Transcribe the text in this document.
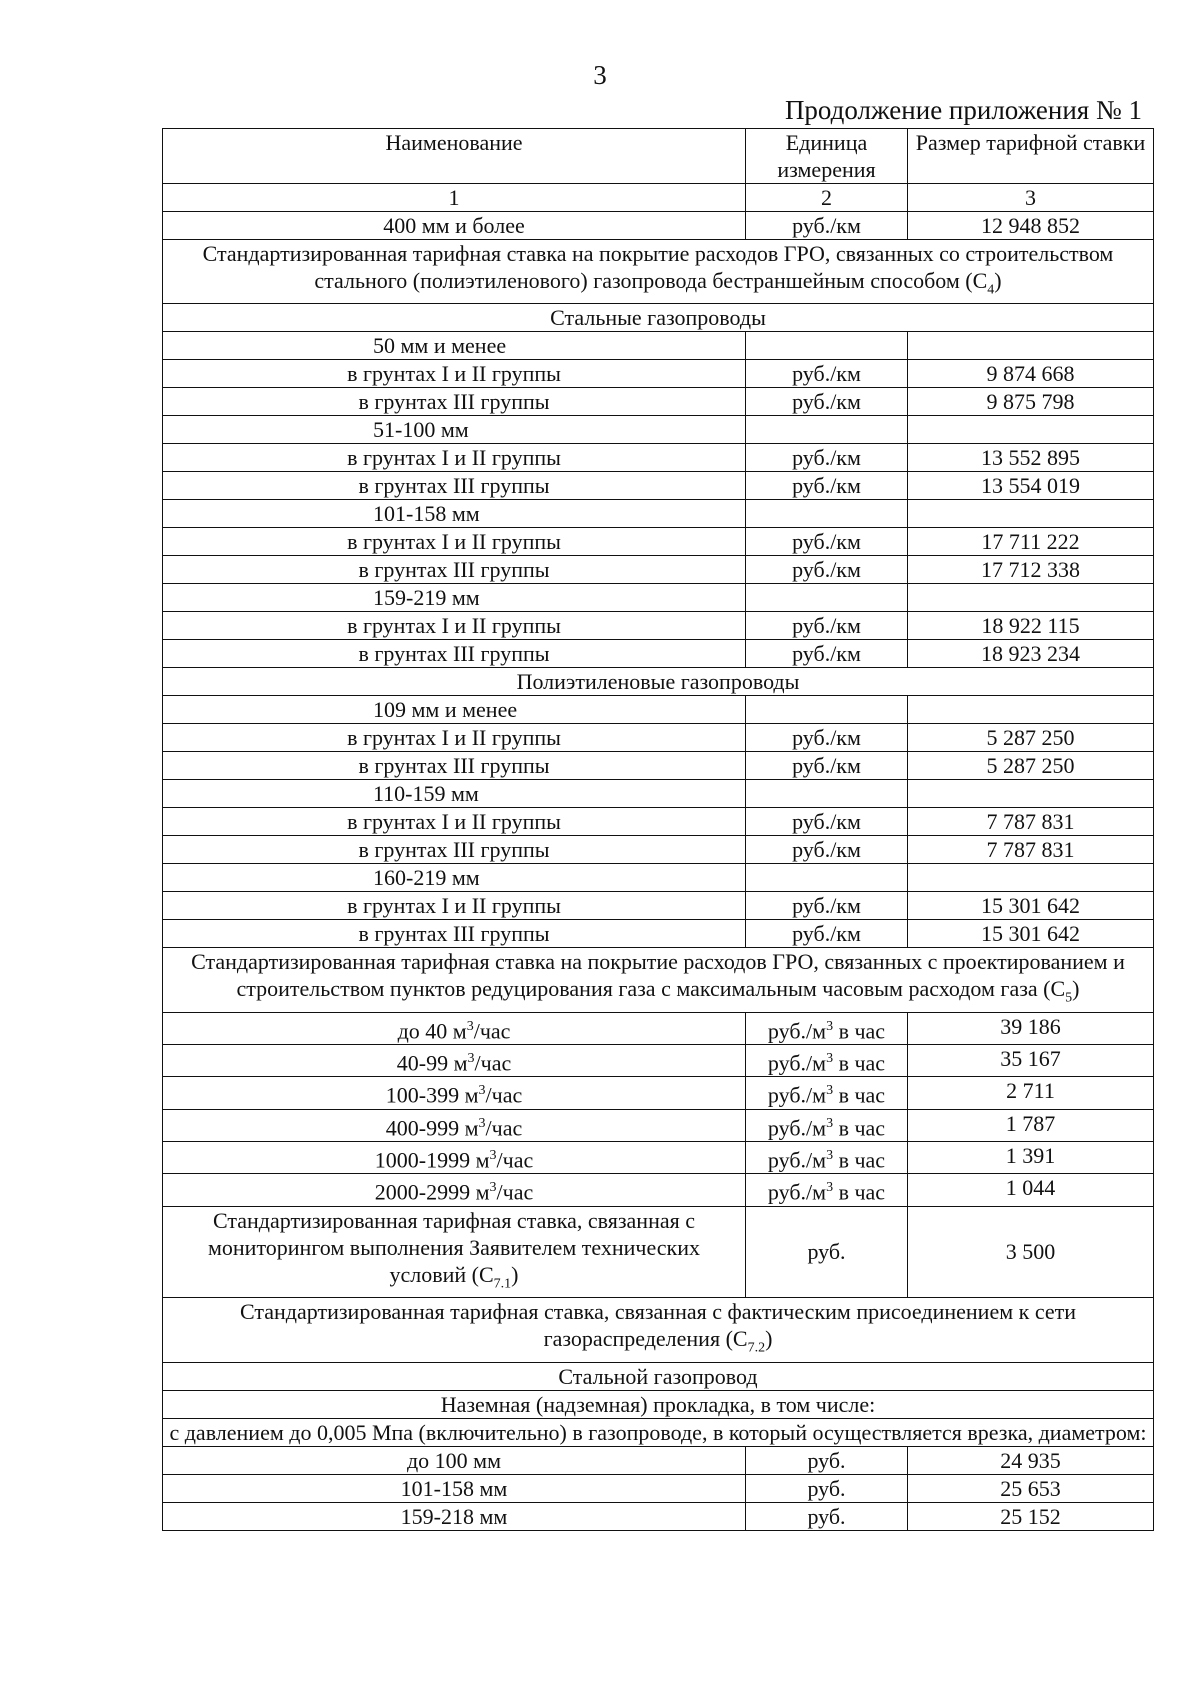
3
Продолжение приложения № 1
Наименование	Единица измерения	Размер тарифной ставки
1	2	3
400 мм и более	руб./км	12 948 852
Стандартизированная тарифная ставка на покрытие расходов ГРО, связанных со строительством стального (полиэтиленового) газопровода бестраншейным способом $(C_4)$		
Стальные газопроводы		
50 мм и менее		
в грунтах I и II группы	руб./км	9 874 668
в грунтах III группы	руб./км	9 875 798
51-100 мм		
в грунтах I и II группы	руб./км	13 552 895
в грунтах III группы	руб./км	13 554 019
101-158 мм		
в грунтах I и II группы	руб./км	17 711 222
в грунтах III группы	руб./км	17 712 338
159-219 мм		
в грунтах I и II группы	руб./км	18 922 115
в грунтах III группы	руб./км	18 923 234
Полиэтиленовые газопроводы		
109 мм и менее		
в грунтах I и II группы	руб./км	5 287 250
в грунтах III группы	руб./км	5 287 250
110-159 мм		
в грунтах I и II группы	руб./км	7 787 831
в грунтах III группы	руб./км	7 787 831
160-219 мм		
в грунтах I и II группы	руб./км	15 301 642
в грунтах III группы	руб./км	15 301 642
Стандартизированная тарифная ставка на покрытие расходов ГРО, связанных с проектированием и строительством пунктов редуцирования газа с максимальным часовым расходом газа $(C_5)$		
до 40 $м^3$/час	$руб./м^3$ в час	39 186
40-99 $м^3$/час	$руб./м^3$ в час	35 167
100-399 $м^3$/час	$руб./м^3$ в час	2 711
400-999 $м^3$/час	$руб./м^3$ в час	1 787
1000-1999 $м^3$/час	$руб./м^3$ в час	1 391
2000-2999 $м^3$/час	$руб./м^3$ в час	1 044
Стандартизированная тарифная ставка, связанная с мониторингом выполнения Заявителем технических условий $(C_{7.1})$	руб.	3 500
Стандартизированная тарифная ставка, связанная с фактическим присоединением к сети газораспределения $(C_{7.2})$		
Стальной газопровод		
Наземная (надземная) прокладка, в том числе:		
с давлением до 0,005 Мпа (включительно) в газопроводе, в который осуществляется врезка, диаметром:		
до 100 мм	руб.	24 935
101-158 мм	руб.	25 653
159-218 мм	руб.	25 152
